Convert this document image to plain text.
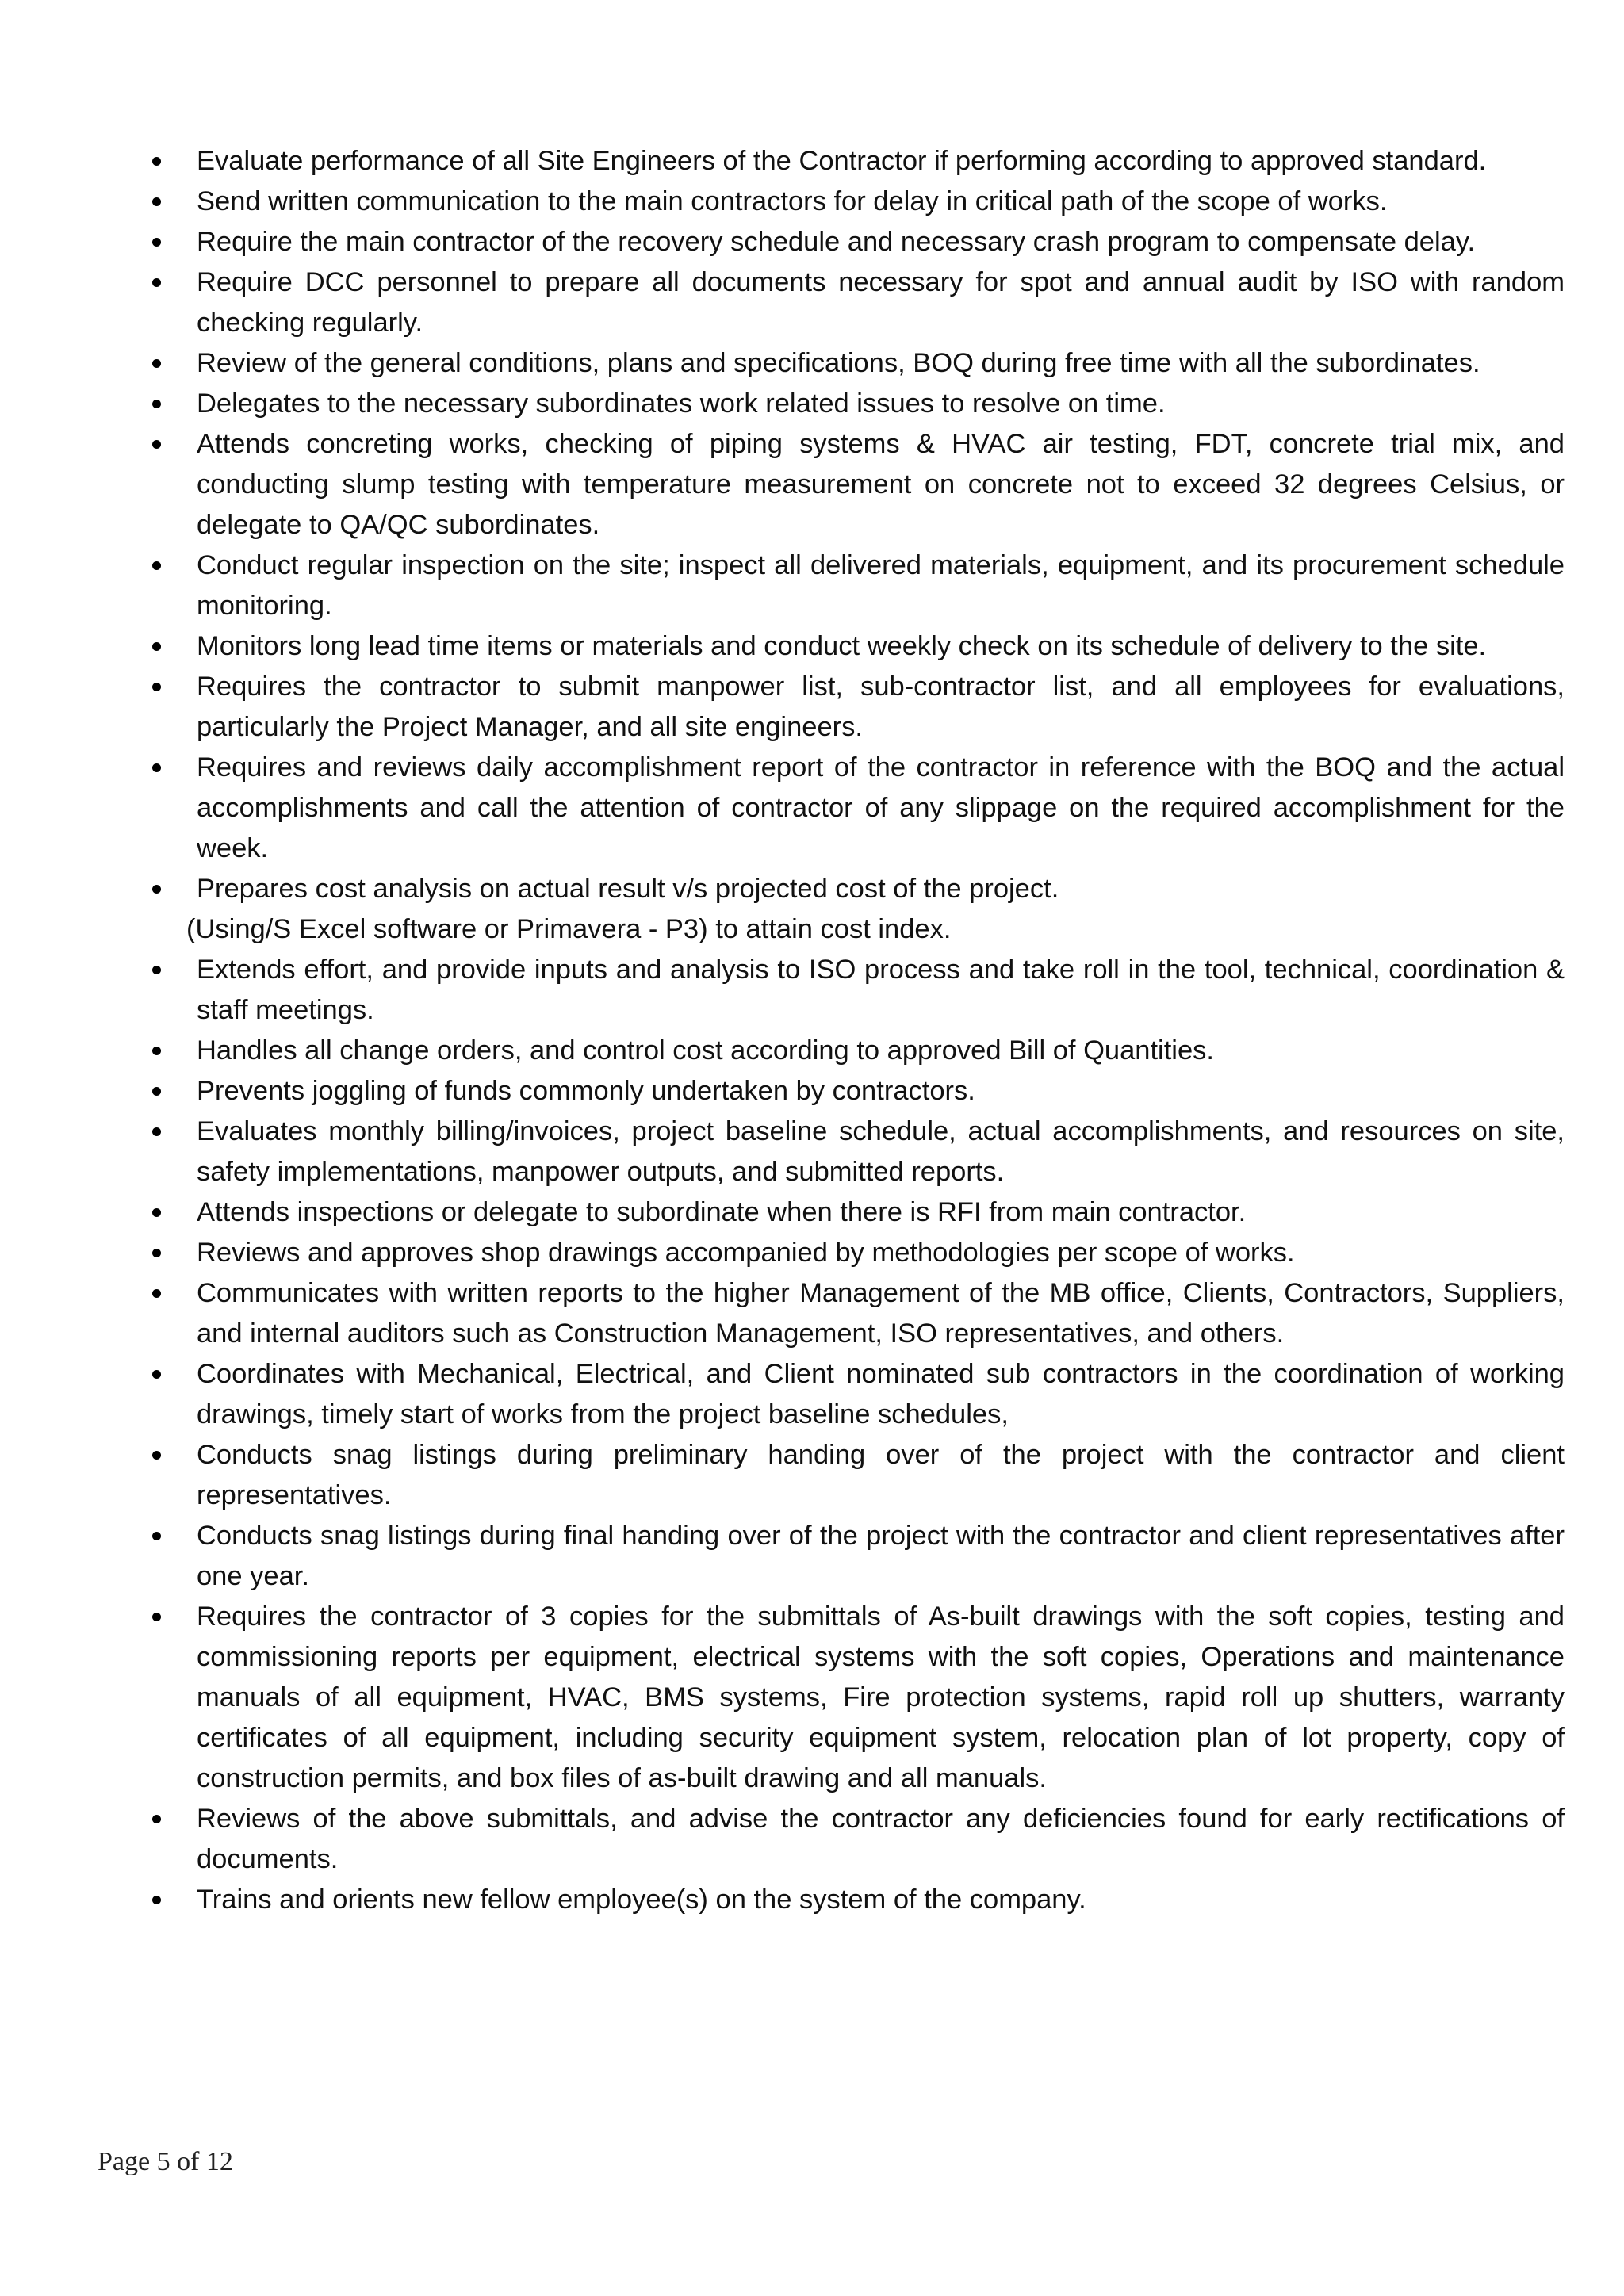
Evaluate performance of all Site Engineers of the Contractor if performing according to approved standard.
Send written communication to the main contractors for delay in critical path of the scope of works.
Require the main contractor of the recovery schedule and necessary crash program to compensate delay.
Require DCC personnel to prepare all documents necessary for spot and annual audit by ISO with random checking regularly.
Review of the general conditions, plans and specifications, BOQ during free time with all the subordinates.
Delegates to the necessary subordinates work related issues to resolve on time.
Attends concreting works, checking of piping systems & HVAC air testing, FDT, concrete trial mix, and conducting slump testing with temperature measurement on concrete not to exceed 32 degrees Celsius, or delegate to QA/QC subordinates.
Conduct regular inspection on the site; inspect all delivered materials, equipment, and its procurement schedule monitoring.
Monitors long lead time items or materials and conduct weekly check on its schedule of delivery to the site.
Requires the contractor to submit manpower list, sub-contractor list, and all employees for evaluations, particularly the Project Manager, and all site engineers.
Requires and reviews daily accomplishment report of the contractor in reference with the BOQ and the actual accomplishments and call the attention of contractor of any slippage on the required accomplishment for the week.
Prepares cost analysis on actual result v/s projected cost of the project.
(Using/S Excel software or Primavera - P3) to attain cost index.
Extends effort, and provide inputs and analysis to ISO process and take roll in the tool, technical, coordination & staff meetings.
Handles all change orders, and control cost according to approved Bill of Quantities.
Prevents joggling of funds commonly undertaken by contractors.
Evaluates monthly billing/invoices, project baseline schedule, actual accomplishments, and resources on site, safety implementations, manpower outputs, and submitted reports.
Attends inspections or delegate to subordinate when there is RFI from main contractor.
Reviews and approves shop drawings accompanied by methodologies per scope of works.
Communicates with written reports to the higher Management of the MB office, Clients, Contractors, Suppliers, and internal auditors such as Construction Management, ISO representatives, and others.
Coordinates with Mechanical, Electrical, and Client nominated sub contractors in the coordination of working drawings, timely start of works from the project baseline schedules,
Conducts snag listings during preliminary handing over of the project with the contractor and client representatives.
Conducts snag listings during final handing over of the project with the contractor and client representatives after one year.
Requires the contractor of 3 copies for the submittals of As-built drawings with the soft copies, testing and commissioning reports per equipment, electrical systems with the soft copies, Operations and maintenance manuals of all equipment, HVAC, BMS systems, Fire protection systems, rapid roll up shutters, warranty certificates of all equipment, including security equipment system, relocation plan of lot property, copy of construction permits, and box files of as-built drawing and all manuals.
Reviews of the above submittals, and advise the contractor any deficiencies found for early rectifications of documents.
Trains and orients new fellow employee(s) on the system of the company.
Page 5 of 12
